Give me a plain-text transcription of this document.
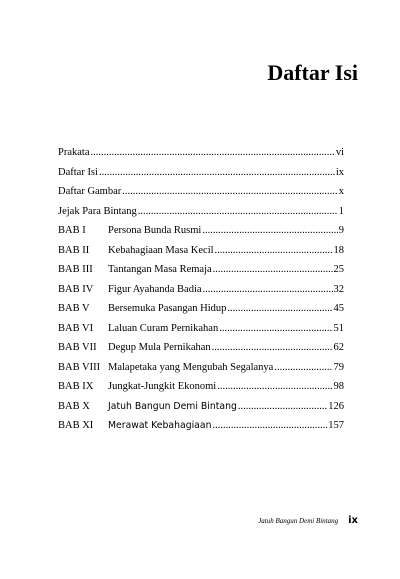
Daftar Isi
Prakata .....	vi
Daftar Isi .....	ix
Daftar Gambar .....	x
Jejak Para Bintang .....	1
BAB I	Persona Bunda Rusmi .....	9
BAB II	Kebahagiaan Masa Kecil .....	18
BAB III	Tantangan Masa Remaja .....	25
BAB IV	Figur Ayahanda Badia .....	32
BAB V	Bersemuka Pasangan Hidup .....	45
BAB VI	Laluan Curam Pernikahan .....	51
BAB VII	Degup Mula Pernikahan .....	62
BAB VIII Malapetaka yang Mengubah Segalanya .....	79
BAB IX	Jungkat-Jungkit Ekonomi .....	98
BAB X	Jatuh Bangun Demi Bintang .....	126
BAB XI	Merawat Kebahagiaan .....	157
Jatuh Bangun Demi Bintang ix
